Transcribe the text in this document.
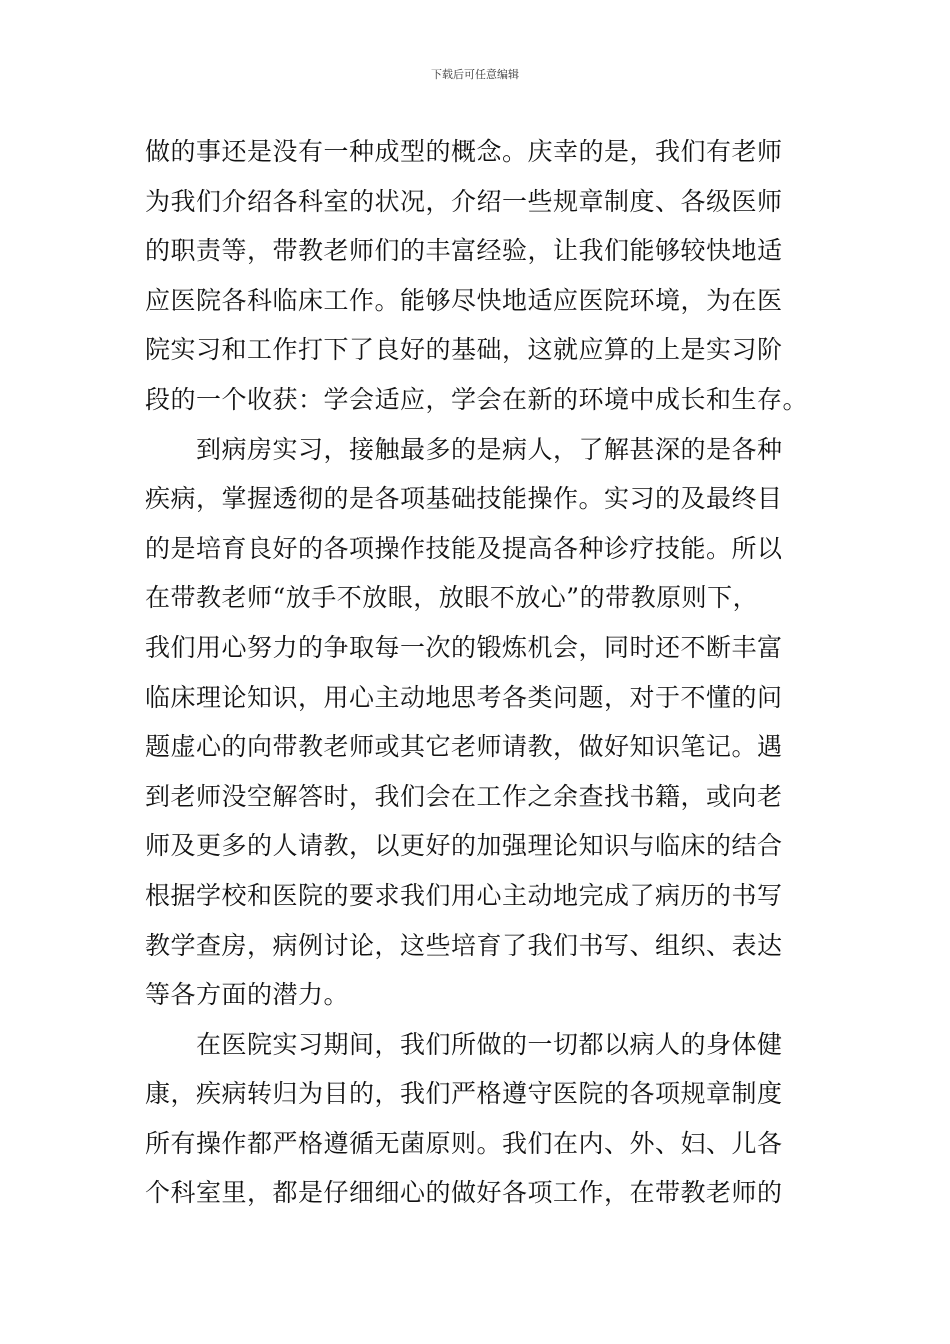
下载后可任意编辑
做的事还是没有一种成型的概念。庆幸的是，我们有老师
为我们介绍各科室的状况，介绍一些规章制度、各级医师
的职责等，带教老师们的丰富经验，让我们能够较快地适
应医院各科临床工作。能够尽快地适应医院环境，为在医
院实习和工作打下了良好的基础，这就应算的上是实习阶
段的一个收获：学会适应，学会在新的环境中成长和生存。
到病房实习，接触最多的是病人，了解甚深的是各种
疾病，掌握透彻的是各项基础技能操作。实习的及最终目
的是培育良好的各项操作技能及提高各种诊疗技能。所以
在带教老师“放手不放眼，放眼不放心”的带教原则下，
我们用心努力的争取每一次的锻炼机会，同时还不断丰富
临床理论知识，用心主动地思考各类问题，对于不懂的问
题虚心的向带教老师或其它老师请教，做好知识笔记。遇
到老师没空解答时，我们会在工作之余查找书籍，或向老
师及更多的人请教，以更好的加强理论知识与临床的结合
根据学校和医院的要求我们用心主动地完成了病历的书写
教学查房，病例讨论，这些培育了我们书写、组织、表达
等各方面的潜力。
在医院实习期间，我们所做的一切都以病人的身体健
康，疾病转归为目的，我们严格遵守医院的各项规章制度
所有操作都严格遵循无菌原则。我们在内、外、妇、儿各
个科室里，都是仔细细心的做好各项工作，在带教老师的
